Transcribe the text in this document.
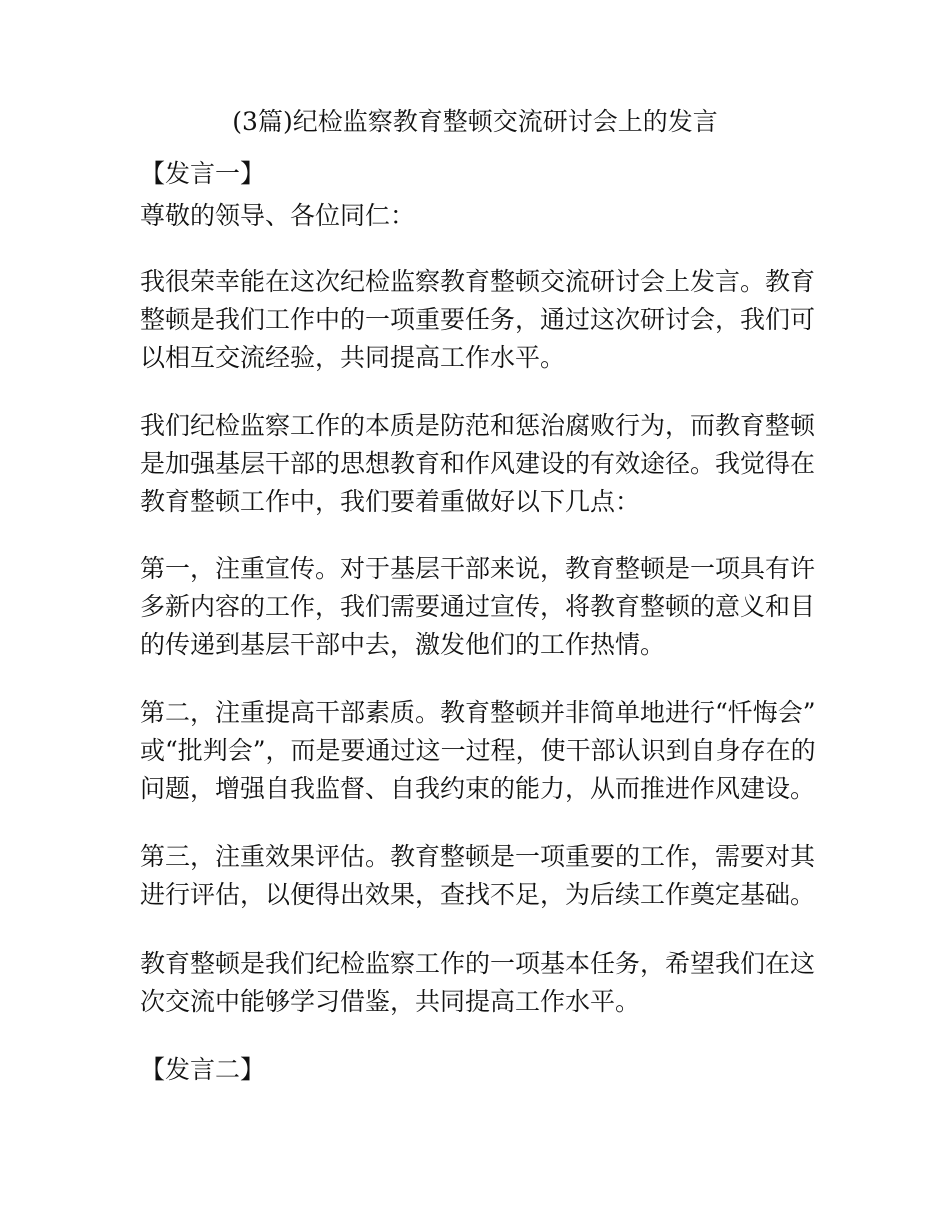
(3篇)纪检监察教育整顿交流研讨会上的发言
【发言一】
尊敬的领导、各位同仁：
我很荣幸能在这次纪检监察教育整顿交流研讨会上发言。教育
整顿是我们工作中的一项重要任务，通过这次研讨会，我们可
以相互交流经验，共同提高工作水平。
我们纪检监察工作的本质是防范和惩治腐败行为，而教育整顿
是加强基层干部的思想教育和作风建设的有效途径。我觉得在
教育整顿工作中，我们要着重做好以下几点：
第一，注重宣传。对于基层干部来说，教育整顿是一项具有许
多新内容的工作，我们需要通过宣传，将教育整顿的意义和目
的传递到基层干部中去，激发他们的工作热情。
第二，注重提高干部素质。教育整顿并非简单地进行“忏悔会”
或“批判会”，而是要通过这一过程，使干部认识到自身存在的
问题，增强自我监督、自我约束的能力，从而推进作风建设。
第三，注重效果评估。教育整顿是一项重要的工作，需要对其
进行评估，以便得出效果，查找不足，为后续工作奠定基础。
教育整顿是我们纪检监察工作的一项基本任务，希望我们在这
次交流中能够学习借鉴，共同提高工作水平。
【发言二】
